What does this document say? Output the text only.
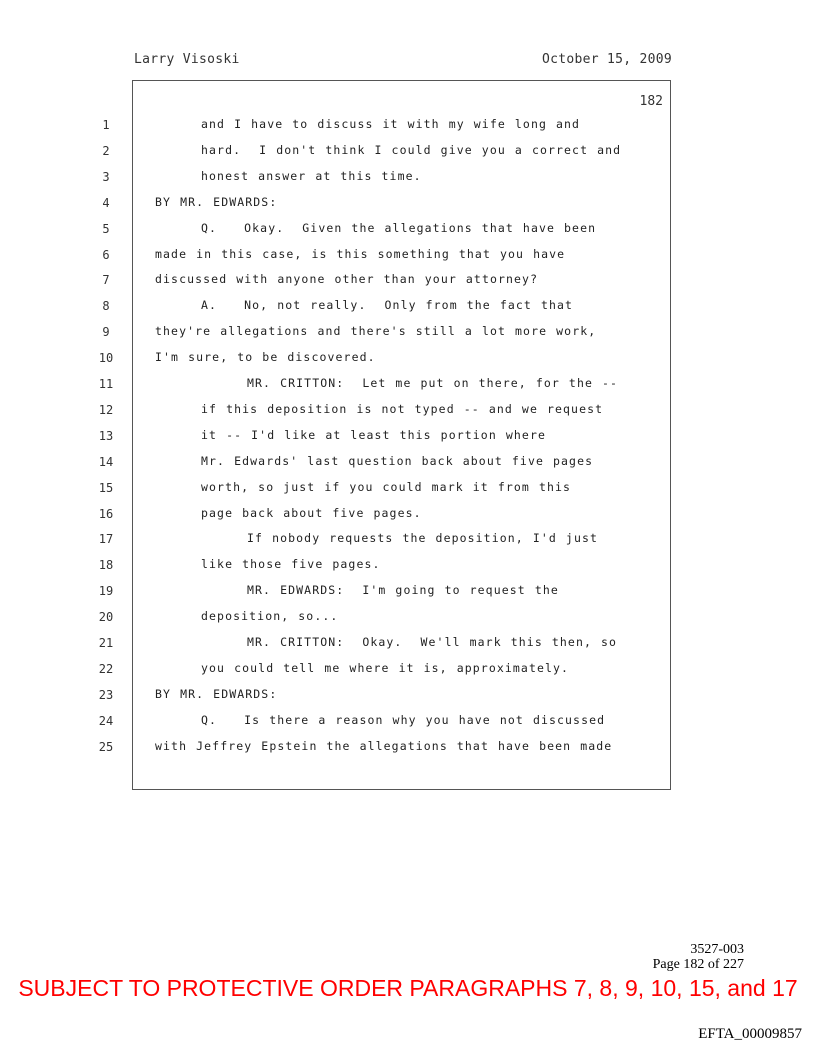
Larry Visoski	October 15, 2009
182
1	and I have to discuss it with my wife long and
2	hard.  I don't think I could give you a correct and
3	honest answer at this time.
4	BY MR. EDWARDS:
5	Q.   Okay.  Given the allegations that have been
6	made in this case, is this something that you have
7	discussed with anyone other than your attorney?
8	A.   No, not really.  Only from the fact that
9	they're allegations and there's still a lot more work,
10	I'm sure, to be discovered.
11	MR. CRITTON:  Let me put on there, for the --
12	if this deposition is not typed -- and we request
13	it -- I'd like at least this portion where
14	Mr. Edwards' last question back about five pages
15	worth, so just if you could mark it from this
16	page back about five pages.
17	If nobody requests the deposition, I'd just
18	like those five pages.
19	MR. EDWARDS:  I'm going to request the
20	deposition, so...
21	MR. CRITTON:  Okay.  We'll mark this then, so
22	you could tell me where it is, approximately.
23	BY MR. EDWARDS:
24	Q.   Is there a reason why you have not discussed
25	with Jeffrey Epstein the allegations that have been made
3527-003
Page 182 of 227
SUBJECT TO PROTECTIVE ORDER PARAGRAPHS 7, 8, 9, 10, 15, and 17
EFTA_00009857
